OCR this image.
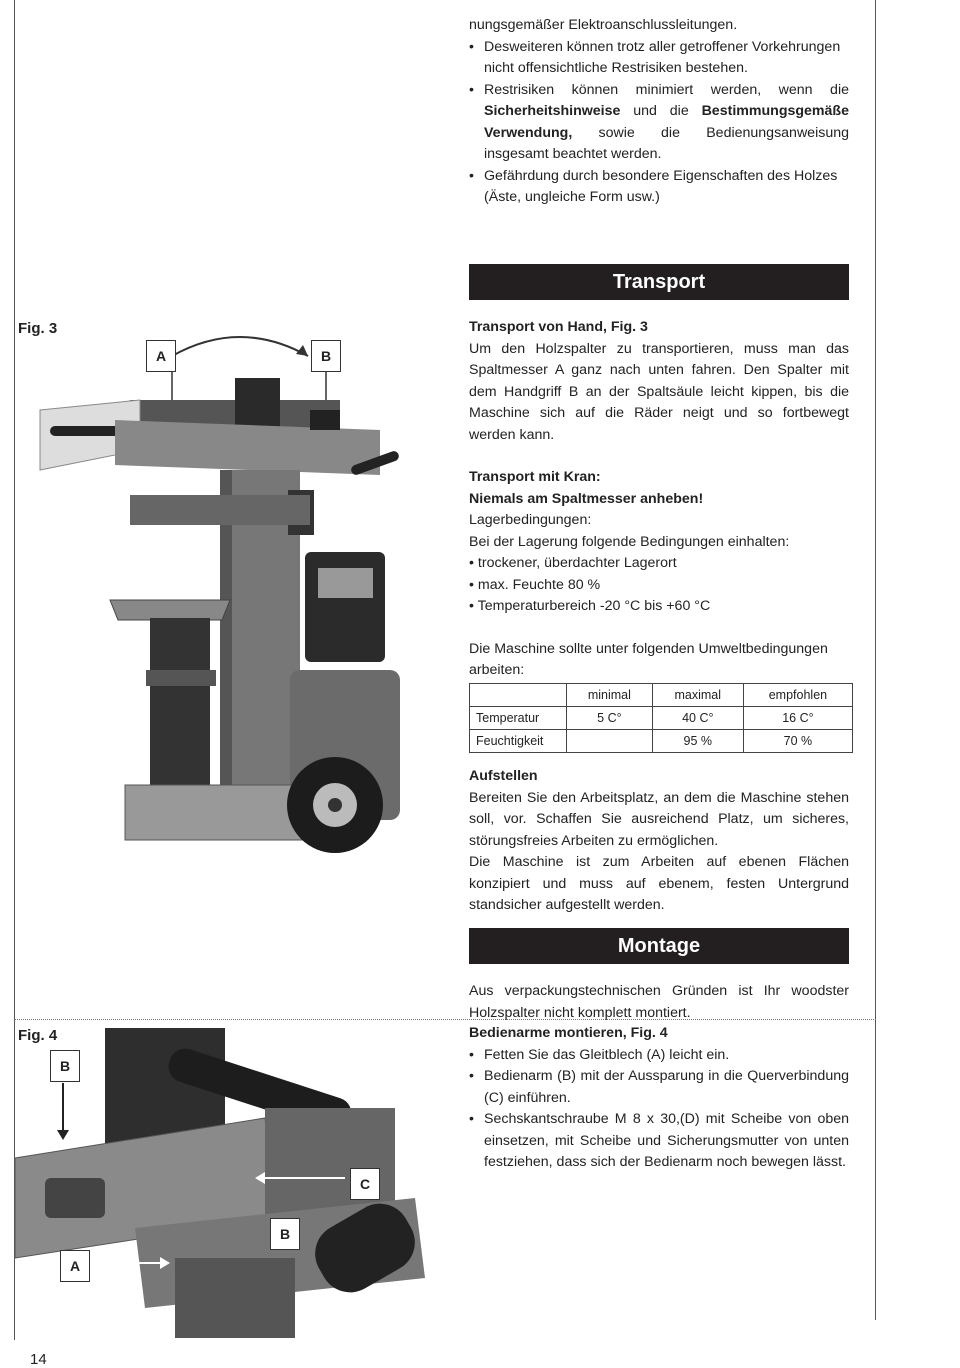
nungsgemäßer Elektroanschlussleitungen.
• Desweiteren können trotz aller getroffener Vorkehrungen nicht offensichtliche Restrisiken bestehen.
• Restrisiken können minimiert werden, wenn die Sicherheitshinweise und die Bestimmungsgemäße Verwendung, sowie die Bedienungsanweisung insgesamt beachtet werden.
• Gefährdung durch besondere Eigenschaften des Holzes (Äste, ungleiche Form usw.)
Transport
Fig. 3
A	B
Transport von Hand, Fig. 3
Um den Holzspalter zu transportieren, muss man das Spaltmesser A ganz nach unten fahren. Den Spalter mit dem Handgriff B an der Spaltsäule leicht kippen, bis die Maschine sich auf die Räder neigt und so fortbewegt werden kann.
Transport mit Kran:
Niemals am Spaltmesser anheben!
Lagerbedingungen:
Bei der Lagerung folgende Bedingungen einhalten:
• trockener, überdachter Lagerort
• max. Feuchte 80 %
• Temperaturbereich -20 °C bis +60 °C
Die Maschine sollte unter folgenden Umweltbedingungen arbeiten:
	minimal	maximal	empfohlen
Temperatur	5 C°	40 C°	16 C°
Feuchtigkeit		95 %	70 %
Aufstellen
Bereiten Sie den Arbeitsplatz, an dem die Maschine stehen soll, vor. Schaffen Sie ausreichend Platz, um sicheres, störungsfreies Arbeiten zu ermöglichen.
Die Maschine ist zum Arbeiten auf ebenen Flächen konzipiert und muss auf ebenem, festen Untergrund standsicher aufgestellt werden.
Montage
Aus verpackungstechnischen Gründen ist Ihr woodster Holzspalter nicht komplett montiert.
Fig. 4
B
C
B
A
Bedienarme montieren, Fig. 4
• Fetten Sie das Gleitblech (A) leicht ein.
• Bedienarm (B) mit der Aussparung in die Querverbindung (C) einführen.
• Sechskantschraube M 8 x 30,(D) mit Scheibe von oben einsetzen, mit Scheibe und Sicherungsmutter von unten festziehen, dass sich der Bedienarm noch bewegen lässt.
14
